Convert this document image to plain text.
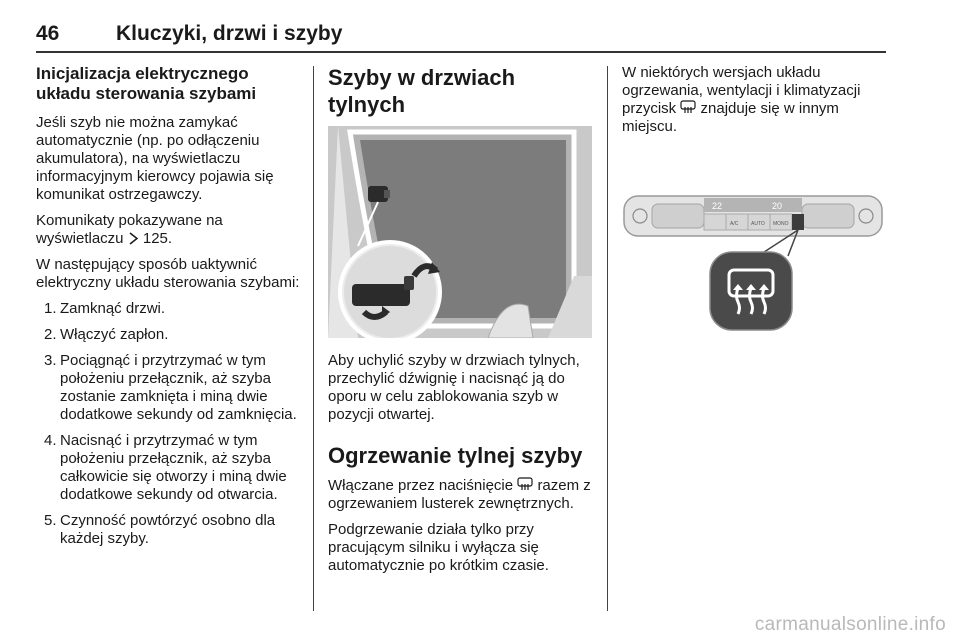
46	Kluczyki, drzwi i szyby
Inicjalizacja elektrycznego układu sterowania szybami

Jeśli szyb nie można zamykać automatycznie (np. po odłączeniu akumulatora), na wyświetlaczu informacyjnym kierowcy pojawia się komunikat ostrzegawczy.

Komunikaty pokazywane na wyświetlaczu 125.

W następujący sposób uaktywnić elektryczny układu sterowania szybami:

1. Zamknąć drzwi.
2. Włączyć zapłon.
3. Pociągnąć i przytrzymać w tym położeniu przełącznik, aż szyba zostanie zamknięta i miną dwie dodatkowe sekundy od zamknięcia.
4. Nacisnąć i przytrzymać w tym położeniu przełącznik, aż szyba całkowicie się otworzy i miną dwie dodatkowe sekundy od otwarcia.
5. Czynność powtórzyć osobno dla każdej szyby.
Szyby w drzwiach tylnych

Aby uchylić szyby w drzwiach tylnych, przechylić dźwignię i nacisnąć ją do oporu w celu zablokowania szyb w pozycji otwartej.

Ogrzewanie tylnej szyby

Włączane przez naciśnięcie razem z ogrzewaniem lusterek zewnętrznych.

Podgrzewanie działa tylko przy pracującym silniku i wyłącza się automatycznie po krótkim czasie.

W niektórych wersjach układu ogrzewania, wentylacji i klimatyzacji przycisk znajduje się w innym miejscu.

22	20
A/C	AUTO MONO
carmanualsonline.info
